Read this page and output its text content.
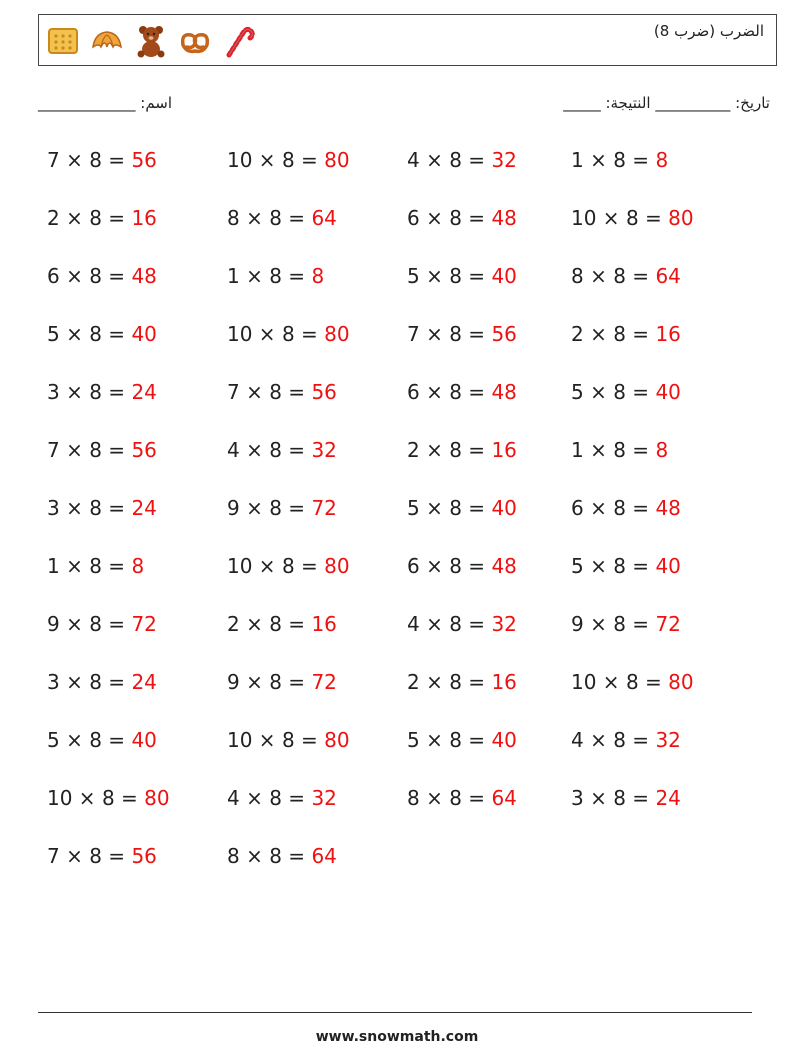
الضرب (ضرب 8)
اسم: _____________	تاريخ: __________ النتيجة: _____
7 × 8 = 56	10 × 8 = 80	4 × 8 = 32	1 × 8 = 8
2 × 8 = 16	8 × 8 = 64	6 × 8 = 48	10 × 8 = 80
6 × 8 = 48	1 × 8 = 8	5 × 8 = 40	8 × 8 = 64
5 × 8 = 40	10 × 8 = 80	7 × 8 = 56	2 × 8 = 16
3 × 8 = 24	7 × 8 = 56	6 × 8 = 48	5 × 8 = 40
7 × 8 = 56	4 × 8 = 32	2 × 8 = 16	1 × 8 = 8
3 × 8 = 24	9 × 8 = 72	5 × 8 = 40	6 × 8 = 48
1 × 8 = 8	10 × 8 = 80	6 × 8 = 48	5 × 8 = 40
9 × 8 = 72	2 × 8 = 16	4 × 8 = 32	9 × 8 = 72
3 × 8 = 24	9 × 8 = 72	2 × 8 = 16	10 × 8 = 80
5 × 8 = 40	10 × 8 = 80	5 × 8 = 40	4 × 8 = 32
10 × 8 = 80	4 × 8 = 32	8 × 8 = 64	3 × 8 = 24
7 × 8 = 56	8 × 8 = 64
www.snowmath.com
